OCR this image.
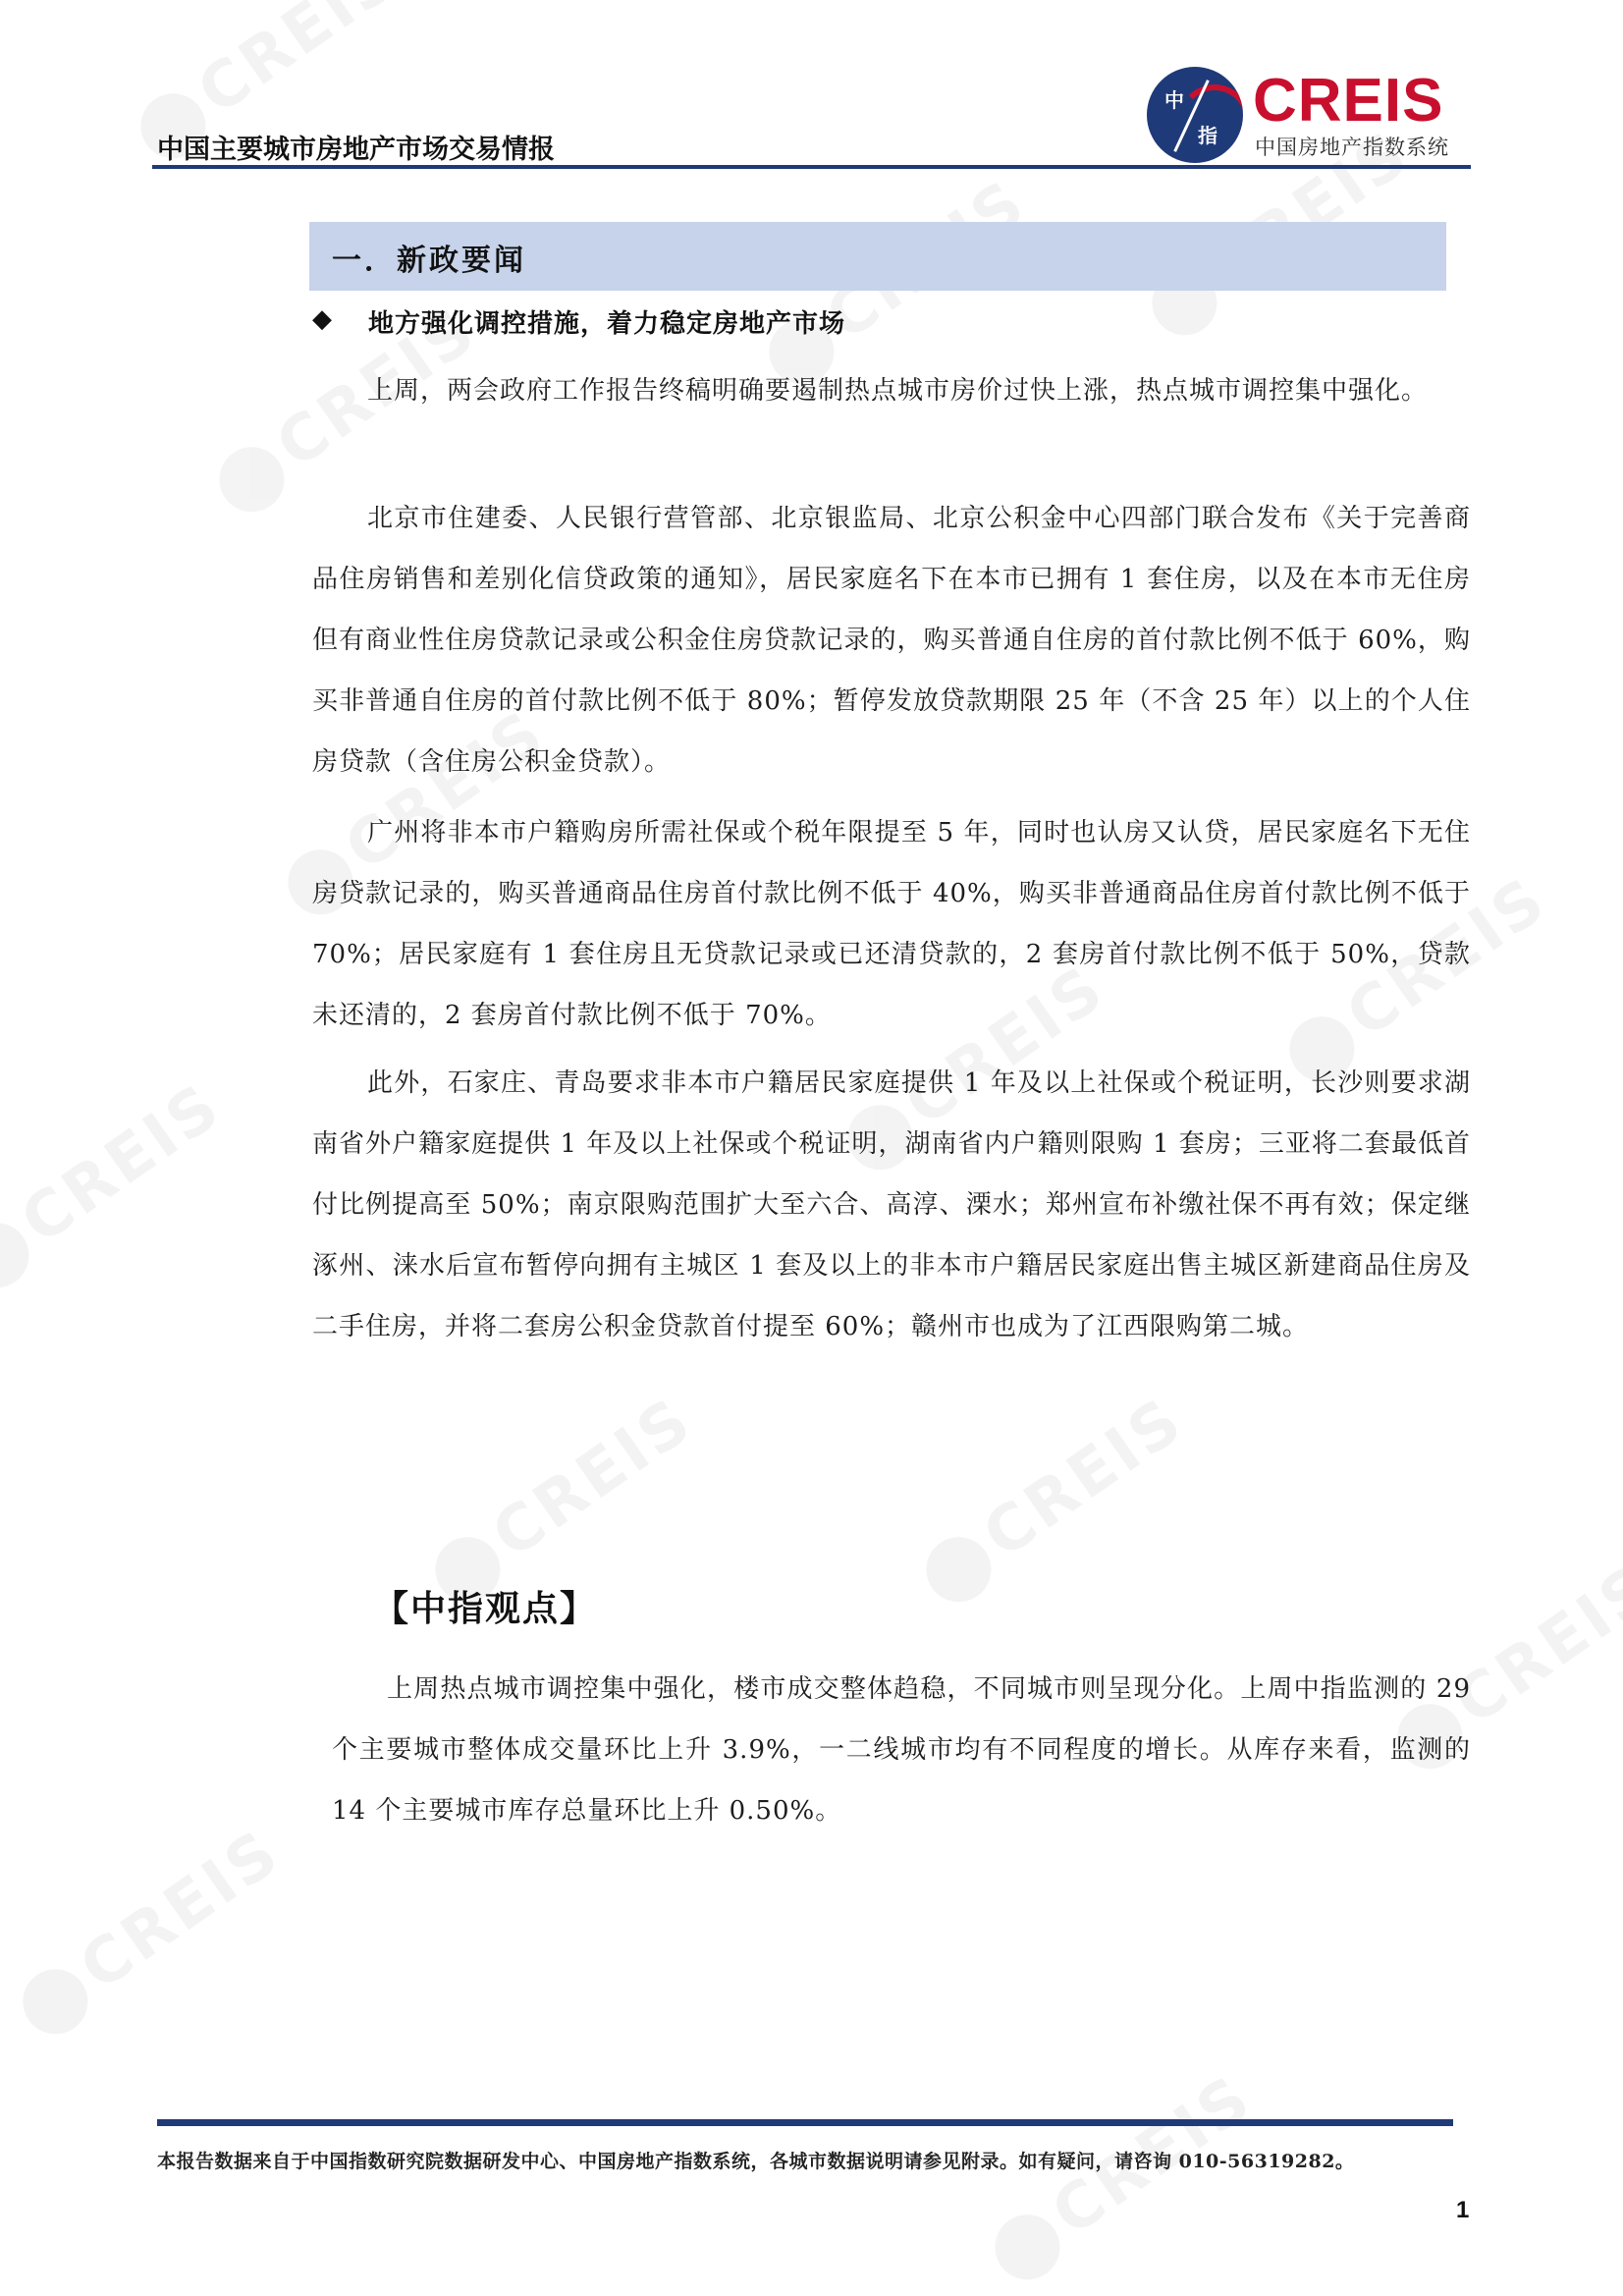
中国主要城市房地产市场交易情报
中
指
CREIS
中国房地产指数系统
一．新政要闻
◆ 地方强化调控措施，着力稳定房地产市场

上周，两会政府工作报告终稿明确要遏制热点城市房价过快上涨，热点城市调控集中强化。

北京市住建委、人民银行营管部、北京银监局、北京公积金中心四部门联合发布《关于完善商品住房销售和差别化信贷政策的通知》，居民家庭名下在本市已拥有 1 套住房，以及在本市无住房但有商业性住房贷款记录或公积金住房贷款记录的，购买普通自住房的首付款比例不低于 60%，购买非普通自住房的首付款比例不低于 80%；暂停发放贷款期限 25 年（不含 25 年）以上的个人住房贷款（含住房公积金贷款）。

广州将非本市户籍购房所需社保或个税年限提至 5 年，同时也认房又认贷，居民家庭名下无住房贷款记录的，购买普通商品住房首付款比例不低于 40%，购买非普通商品住房首付款比例不低于 70%；居民家庭有 1 套住房且无贷款记录或已还清贷款的，2 套房首付款比例不低于 50%，贷款未还清的，2 套房首付款比例不低于 70%。

此外，石家庄、青岛要求非本市户籍居民家庭提供 1 年及以上社保或个税证明，长沙则要求湖南省外户籍家庭提供 1 年及以上社保或个税证明，湖南省内户籍则限购 1 套房；三亚将二套最低首付比例提高至 50%；南京限购范围扩大至六合、高淳、溧水；郑州宣布补缴社保不再有效；保定继涿州、涞水后宣布暂停向拥有主城区 1 套及以上的非本市户籍居民家庭出售主城区新建商品住房及二手住房，并将二套房公积金贷款首付提至 60%；赣州市也成为了江西限购第二城。

【中指观点】

上周热点城市调控集中强化，楼市成交整体趋稳，不同城市则呈现分化。上周中指监测的 29 个主要城市整体成交量环比上升 3.9%，一二线城市均有不同程度的增长。从库存来看，监测的 14 个主要城市库存总量环比上升 0.50%。

本报告数据来自于中国指数研究院数据研发中心、中国房地产指数系统，各城市数据说明请参见附录。如有疑问，请咨询 010-56319282。
1
